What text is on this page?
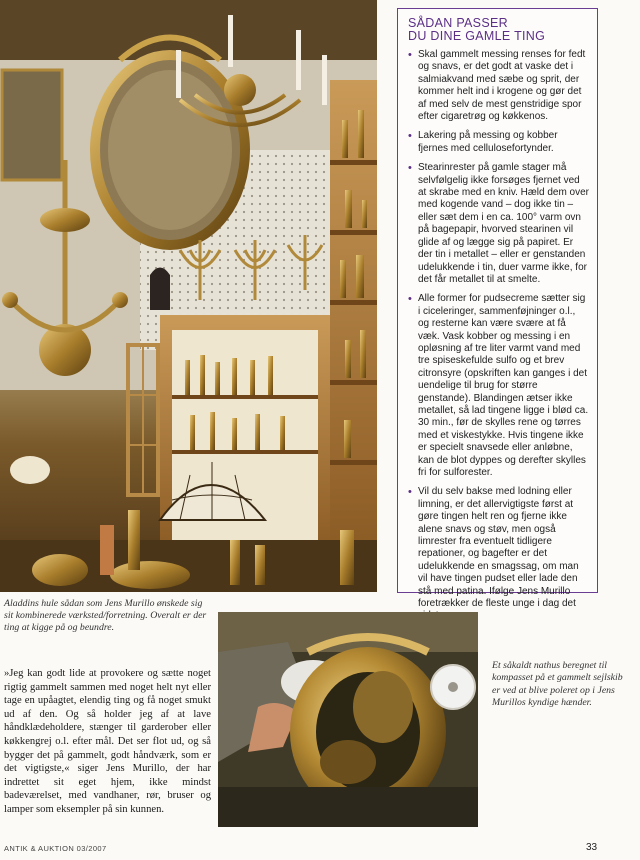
SÅDAN PASSER
DU DINE GAMLE TING
• Skal gammelt messing renses for fedt og snavs, er det godt at vaske det i salmiakvand med sæbe og sprit, der kommer helt ind i krogene og gør det af med selv de mest genstridige spor efter cigaretrøg og køkkenos.
• Lakering på messing og kobber fjernes med cellulosefortynder.
• Stearinrester på gamle stager må selvfølgelig ikke forsøges fjernet ved at skrabe med en kniv. Hæld dem over med kogende vand – dog ikke tin – eller sæt dem i en ca. 100° varm ovn på bagepapir, hvorved stearinen vil glide af og lægge sig på papiret. Er der tin i metallet – eller er genstanden udelukkende i tin, duer varme ikke, for det får metallet til at smelte.
• Alle former for pudsecreme sætter sig i ciceleringer, sammenføjninger o.l., og resterne kan være svære at få væk. Vask kobber og messing i en opløsning af tre liter varmt vand med tre spiseskefulde sulfo og et brev citronsyre (opskriften kan ganges i det uendelige til brug for større genstande). Blandingen ætser ikke metallet, så lad tingene ligge i blød ca. 30 min., før de skylles rene og tørres med et viskestykke. Hvis tingene ikke er specielt snavsede eller anløbne, kan de blot dyppes og derefter skylles fri for sulforester.
• Vil du selv bakse med lodning eller limning, er det allervigtigste først at gøre tingen helt ren og fjerne ikke alene snavs og støv, men også limrester fra eventuelt tidligere repationer, og bagefter er det udelukkende en smagssag, om man vil have tingen pudset eller lade den stå med patina. Ifølge Jens Murillo foretrækker de fleste unge i dag det
Aladdins hule sådan som Jens Murillo ønskede sig sit kombinerede værksted/forretning. Overalt er der ting at kigge på og beundre.
»Jeg kan godt lide at provokere og sætte noget rigtig gammelt sammen med noget helt nyt eller tage en upåagtet, elendig ting og få noget smukt ud af den. Og så holder jeg af at lave håndklædeholdere, stænger til garderober eller køkkengrej o.l. efter mål. Det ser flot ud, og så bygger det på gammelt, godt håndværk, som er det vigtigste,« siger Jens Murillo, der har indrettet sit eget hjem, ikke mindst badeværelset, med vandhaner, rør, bruser og lamper som eksempler på sin kunnen.
Et såkaldt nathus beregnet til kompasset på et gammelt sejlskib er ved at blive poleret op i Jens Murillos kyndige hænder.
ANTIK & AUKTION 03/2007	33
